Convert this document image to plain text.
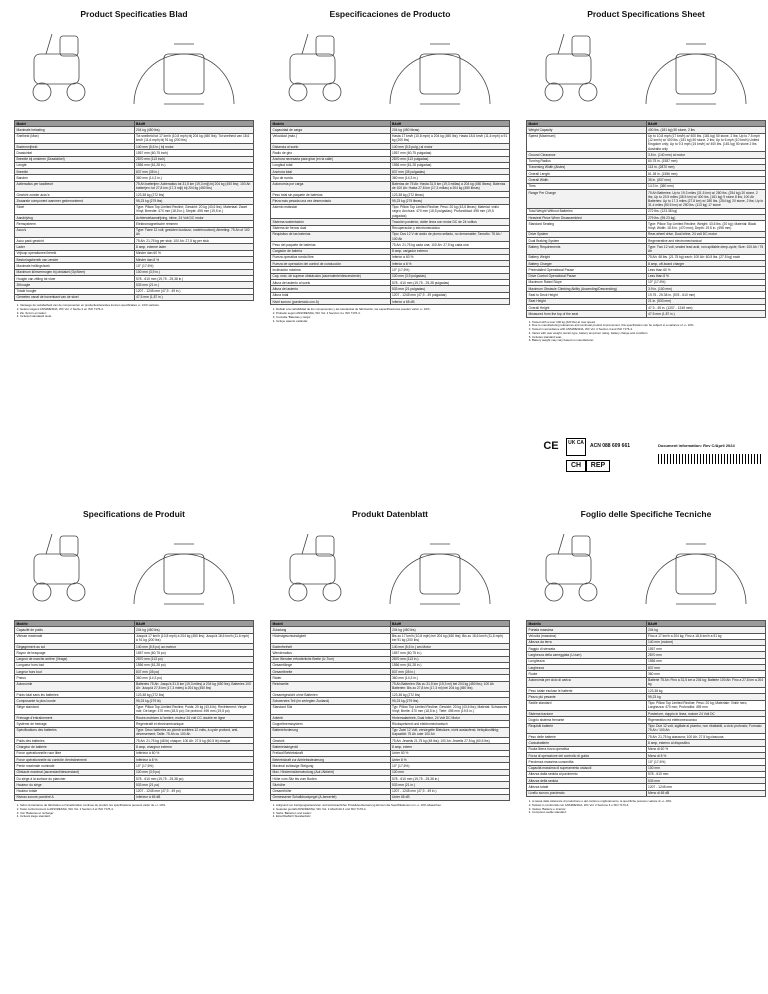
Product Specificaties Blad
Model	B&dH
Maximale belasting	204 kg (450 lbs)
Snelheid (Max)	Tot snelheid tot 17 km/h (10,8 mph) bij 204 kg (450 lbs); Tot snelheid van 18,6 km/h (11,6 mph) bij 91 kg (200 lbs)
Bodemvrijheid	140 mm (5,5 in.) bij motor
Draaicirkel	1557 mm (60,75 inch)
Breedte bij omkeren (Draaicirkel)	2870 mm (113 inch)
Lengte	1556 mm (61,28 in.)
Breedte	837 mm (35 in.)
Banden	360 mm (14,3 in.)
Actieradius per laadbeurt	75 Ah batterijen: Actieradius tot 31,5 km (19,3 mijl) bij 204 kg (450 lbs); 100 Ah batterijen: tot 27,8 km (17,3 mijl) bij 204 kg (450 lbs)
Gewicht zonder accu's	123,38 kg (272 lbs)
Zwaarste component wanneer gedemonteerd	95,23 kg (279 lbs)
Stoel	Type: Pillow Top Limited Recline; Gewicht: 20 kg (43,6 lbs); Materiaal: Zwart Vinyl; Breedte: 470 mm (18,5 in.); Diepte: 495 mm (19,5 in.)
Aandrijving	Achterwielaandrijving, inline, 24 Volt DC motor
Remsysteem	Elektromagnetische remmen
Accu's	Type: Twee 12 volt, gesloten loodzuur, onderhoudsvrij; Afmeting: 75 Ah of 100 Ah
Accu pack gewicht	75 Ah: 21,75 kg per stuk; 100 Ah: 27,5 kg per stuk
Lader	8 amp, externe lader
Vrijloop operationeel bereik	Minder dan 60 %
Besturingsbereik van zender	Minder dan 8 %
Maximale hellingshoek	10° (17,6%)
Maximum klimvermogen bij obstakel (Op/Neer)	100 mm (3,9 in.)
Hoogte van zitting tot vloer	578 - 610 mm (19,75 - 25,38 in.)
Zithoogte	533 mm (21 in.)
Totale hoogte	1207 - 1245 mm (47,9 - 49 in.)
Gemeten vanaf de bovenkant van de stoel	47,5 mm (1,87 in.)
1. Vanwege de variabelheid van de componenten en productietoleranties kunnen specificaties +/- 10% variëren.
2. Getest volgens ANSI/RESNA, WC Vol. 2 Sectie 4 en ISO 7176-4.
3. Zie 'Accu's en laden'.
4. Inclusief standaard stoel.
Especificaciones de Producto
Modelo	B&dH
Capacidad de carga	204 kg (450 libras)
Velocidad (máx.)	Hasta 17 km/h (10,8 mph) a 204 kg (450 lbs); Hasta 18,6 km/h (11,6 mph) a 91 kg (200 lbs)
Distancia al suelo	140 mm (5,5 pulg.) al motor
Radio de giro	1557 mm (60,75 pulgadas)
Anchura necesaria para girar (en la calle)	2870 mm (113 pulgadas)
Longitud total	1556 mm (61,28 pulgadas)
Anchura total	837 mm (35 pulgadas)
Tipo de rueda	360 mm (14,3 in.)
Autonomía por carga	Baterías de 75 Ah: Hasta 31,5 km (19,3 millas) a 204 kg (450 libras); Baterías de 100 Ah: Hasta 27,8 km (17,3 millas) a 204 kg (450 libras)
Peso total sin paquete de baterías	123,38 kg (272 libras)
Pieza más pesada una vez desmontado	95,23 kg (279 libras)
Asiento estándar	Tipo: Pillow Top Limited Recline; Peso: 20 kg (43,6 libras); Material: vinilo negro; Anchura: 470 mm (18,5 pulgadas); Profundidad: 495 mm (19,5 pulgadas)
Sistema sustentación	Tracción posterior, doble línea con motor DC de 24 voltios
Sistema de frenos dual	Recuperación y electromecánico
Requisitos de las baterías	Tipo: Dos 12 V de ácido de plomo sellado, no derramable; Tamaño: 75 Ah / 100 Ah
Peso del paquete de baterías	75 Ah: 21,75 kg cada una; 100 Ah: 27,5 kg cada una
Cargador de batería	8 amp, cargador externo
Fuerza operativa rueda libre	Inferior a 60 %
Fuerza de operación del control de conducción	Inferior a 8 %
Inclinación máxima	10° (17,6%)
Cap. máx. de superar obstáculos (ascendente/descendente)	100 mm (3,9 pulgadas)
Altura del asiento al suelo	578 - 610 mm (19,75 - 25,38 pulgadas)
Altura del asiento	533 mm (21 pulgadas)
Altura total	1207 - 1245 mm (47,9 - 49 pulgadas)
Nivel sonoro (ponderado con A)	Inferior a 65 dB
1. Debido a la variabilidad de los componentes y las tolerancias de fabricación, las especificaciones pueden variar +/- 10%.
2. Probado según ANSI/RESNA, WC Vol. 2 Sección 4 e ISO 7176-4.
3. Consulte 'Baterías y carga'.
4. Incluye asiento estándar.
Product Specifications Sheet
Model	B&dH
Weight Capacity	400 lbs. (181 kg) 50 stone, 2 lbs
Speed (Maximum)	Up to 10.8 mph (17 km/h) w/ 400 lbs. (181 kg) 50 stone, 2 lbs; Up to 7.5 mph (12 km/h) w/ 400 lbs. (181 kg) 50 stone, 2 lbs; Up to 6 mph (10 km/h) United Kingdom only; Up to 9.3 mph (15 km/h) w/ 400 lbs. (181 kg) 50 stone 2 lbs Australia only
Ground Clearance	3.8 in. (140 mm) at motor
Turning Radius	60.75 in. (1557 mm)
Traversing Width (Aisles)	113 in. (2870 mm)
Overall Length	61 28 in. (1556 mm)
Overall Width	35 in. (837 mm)
Tires	14.3 in. (360 mm)
Range Per Charge	75 Ah Batteries: Up to 19.3 miles (31.5 km) w/ 280 lbs. (254 kg) 20 stone, 2 lbs; Up to 23.9 miles (38.5 km) w/ 400 lbs. (181 kg) 9 stone 8 lbs; 100 Ah Batteries: Up to 17.3 miles (27.8 km) w/ 280 lbs. (254 kg) 20 stone, 2 lbs; Up to 31.4 miles (50.5 km) w/ 250 lbs. (113 kg) 17 stone
Total Weight Without Batteries	272 lbs. (123.38 kg)
Heaviest Piece When Disassembled	279 lbs. (95.23 kg)
Standard Seating	Type: Pillow Top Limited Recline; Weight: 43.6 lbs. (20 kg); Material: Black Vinyl; Width: 18.5 in. (470 mm); Depth: 19.5 in. (495 mm)
Drive System	Rear-wheel drive, Dual Inline, 24 volt DC motor
Dual Braking System	Regenerative and electromechanical
Battery Requirements	Type: Two 12 volt, sealed lead acid, non-spillable deep-cycle; Size: 100 Ah / 75 Ah
Battery Weight	75 Ah: 48 lbs. (21.75 kg) each; 100 Ah: 60.5 lbs. (27.5 kg) each
Battery Charger	8 amp, off-board charger
Preinstalled Operational Pause	Less than 60 %
Drive Control Operational Pause	Less than 8 %
Maximum Rated Slope	10° (17.6%)
Maximum Obstacle Climbing Ability (Ascending/Descending)	3.9 in. (100 mm)
Seat to Deck Height	19.75 - 25.38 in. (578 - 610 mm)
Seat Height	21 in. (533 mm)
Overall Height	47.9 - 49 in. (1207 - 1245 mm)
Measured from the top of the seat	47.5 mm (1.87 in.)
1. Tested with a user 100 kg (220 lbs) at max speed.
2. Due to manufacturing tolerances and continual product improvement, this specification can be subject to a variance of +/- 10%.
3. Tested in accordance with ANSI/RESNA, WC Vol. 2 Section 4 and ISO 7176-4.
4. Varies with user weight, terrain type, battery amp-hour rating, battery charge and condition.
5. Includes standard seat.
6. Battery weight may vary based on manufacturer.
CE	UK CA	ACN 088 609 661	Document information: Rev C/April 2024
CH	REP
Specifications de Produit
Modèle	B&dH
Capacité de poids	204 kg (450 lbs)
Vitesse maximale	Jusqu'à 17 km/h (10,8 mph) à 204 kg (450 lbs); Jusqu'à 18,6 km/h (11,6 mph) à 91 kg (200 lbs)
Dégagement au sol	140 mm (5,5 po) au moteur
Rayon de braquage	1557 mm (60,75 po)
Largeur de marche arrière (Virage)	2870 mm (113 po)
Longueur hors tout	1556 mm (61,28 po)
Largeur hors tout	837 mm (35 po)
Pneus	360 mm (14,3 po)
Autonomie	Batteries 75 Ah: Jusqu'à 31,5 km (19,3 miles) à 204 kg (450 lbs); Batteries 100 Ah: Jusqu'à 27,8 km (17,3 miles) à 204 kg (450 lbs)
Poids total sans les batteries	123,38 kg (272 lbs)
Composante la plus lourde	95,23 kg (279 lb)
Siège standard	Type: Pillow Top Limited Recline; Poids: 20 kg (43,6 lb); Revêtement: Vinyle noir; De large: 470 mm (18,5 po); De profond: 495 mm (19,5 po)
Freinage d'entraînement	Roues motrices à l'arrière, moteur 24 volt CC double en ligne
Système de freinage	Régénératif et électromécanique
Spécifications des batteries	Type: Deux batteries au plomb scellées 12 volts, à cycle profond, anti-déversement; Taille: 75 Ah ou 100 Ah
Poids des batteries	75 Ah: 21,75 kg (48 lb) chaque; 100 Ah: 27,5 kg (60,5 lb) chaque
Chargeur de batterie	8 amp, chargeur externe
Force opérationnelle roue libre	Inférieur à 60 %
Force opérationnelle du contrôle d'entraînement	Inférieur à 8 %
Pente maximale nominale	10° (17,6%)
Obstacle maximal (ascendant/descendant)	100 mm (3,9 po)
Du siège à la surface du plancher	578 - 610 mm (19,75 - 25,38 po)
Hauteur du siège	533 mm (21 po)
Hauteur totale	1207 - 1245 mm (47,9 - 49 po)
Niveau sonore pondéré A	Inférieur à 65 dB
1. Selon la tolérance de fabrication et l'amélioration continue du produit, les spécifications peuvent varier de +/- 10%.
2. Testé conformément à ANSI/RESNA, WC Vol. 2 Section 4 et ISO 7176-4.
3. Voir 'Batteries et recharge'.
4. Incluant siège standard.
Produkt Datenblatt
Modell	B&dH
Zuladung	204 kg (450 lbs)
Höchstgeschwindigkeit	Bis zu 17 km/h (10,8 mph) bei 204 kg (450 lbs); Bis zu 18,6 km/h (11,6 mph) bei 91 kg (200 lbs)
Bodenfreiheit	140 mm (5,5 in.) am Motor
Wenderadius	1557 mm (60,75 in.)
Zum Wenden erforderliche Breite (U-Turn)	2870 mm (113 in.)
Gesamtlänge	1556 mm (61,28 in.)
Gesamtbreite	837 mm (35 in.)
Räder	360 mm (14,3 in.)
Reichweite	75 Ah Batterien: Bis zu 31,5 km (19,3 mi) bei 204 kg (450 lbs); 100 Ah Batterien: Bis zu 27,8 km (17,3 mi) bei 204 kg (450 lbs)
Gesamtgewicht ohne Batterien	123,38 kg (272 lbs)
Schwerstes Teil (im zerlegten Zustand)	95,23 kg (279 lbs)
Standard Sitz	Typ: Pillow Top Limited Recline; Gewicht: 20 kg (43,6 lbs); Material: Schwarzes Vinyl; Breite: 470 mm (18,5 in.); Tiefe: 495 mm (19,5 in.)
Antrieb	Hinterradantrieb, Dual Inline, 24 Volt DC Motor
Doppelbremssystem	Rückspeisend und elektromechanisch
Batterieforderung	Typ: Zwei 12 Volt, versiegelte Bleisäure, nicht auslaufend, tiefzyklusfähig; Kapazität: 75 Ah oder 100 Ah
Gewicht	75 Ah: Jeweils 21,75 kg (48 lbs); 100 Ah: Jeweils 27,5 kg (60,5 lbs)
Batterieladegerät	8 amp, extern
Freilauf Betriebskraft	Unter 60 %
Betriebskraft zur Antriebssteuerung	Unter 8 %
Maximal zulässige Steigung	10° (17,6%)
Max. Hindernisüberwindung (Auf-/Abfahrt)	100 mm
Höhe vom Sitz bis zum Boden	578 - 610 mm (19,75 - 25,38 in.)
Sitzhöhe	533 mm (21 in.)
Gesamthöhe	1207 - 1245 mm (47,9 - 49 in.)
Gemessener Schalldruckpegel (A-bewertet)	Unter 65 dB
1. Aufgrund von Fertigungstoleranzen und kontinuierlicher Produktverbesserung können die Spezifikationen um +/- 10% abweichen.
2. Getestet gemäß ANSI/RESNA, WC Vol. 2 Abschnitt 4 und ISO 7176-4.
3. Siehe 'Batterien und Laden'.
4. Einschließlich Standardsitz.
Foglio delle Specifiche Tecniche
Modello	B&dH
Portata massima	204 kg
Velocità (massima)	Fino a 17 km/h a 204 kg; Fino a 18,6 km/h a 91 kg
Altezza da terra	140 mm (motore)
Raggio di sterzata	1557 mm
Larghezza della carreggiata (U-turn)	2870 mm
Lunghezza	1556 mm
Larghezza	837 mm
Ruote	360 mm
Autonomia per ciclo di carica	Batterie 75 Ah: Fino a 31,5 km a 204 kg; Batterie 100 Ah: Fino a 27,8 km a 204 kg
Peso totale escluse le batterie	123,38 kg
Pezzo più pesante	95,23 kg
Sedile standard	Tipo: Pillow Top Limited Recline; Peso: 20 kg; Materiale: Vinile nero; Larghezza: 470 mm; Profondità: 495 mm
Sistema trazione	Posteriore, doppio in linea, motore 24 Volt DC
Doppio sistema frenante	Rigenerativo ed elettromeccanico
Requisiti batterie	Tipo: Due 12 volt, sigillate al piombo, non ribaltabili, a ciclo profondo; Formato: 75 Ah / 100 Ah
Peso delle batterie	75 Ah: 21,75 kg ciascuna; 100 Ah: 27,5 kg ciascuna
Caricabatterie	8 amp, esterno al dispositivo
Ruota libera forza operativa	Meno di 60 %
Forza di operazione del controllo di guida	Meno di 8 %
Pendenza massima consentita	10° (17,6%)
Capacità massima di superamento ostacoli	100 mm
Altezza dalla seduta al pavimento	578 - 610 mm
Altezza della seduta	533 mm
Altezza totale	1207 - 1245 mm
Livello sonoro ponderato	Meno di 65 dB
1. A causa delle tolleranze di produzione e del continuo miglioramento, le specifiche possono variare di +/- 10%.
2. Testato in conformità con ANSI/RESNA, WC Vol. 2 Sezione 4 e ISO 7176-4.
3. Vedere 'Batterie e ricarica'.
4. Compreso sedile standard.
